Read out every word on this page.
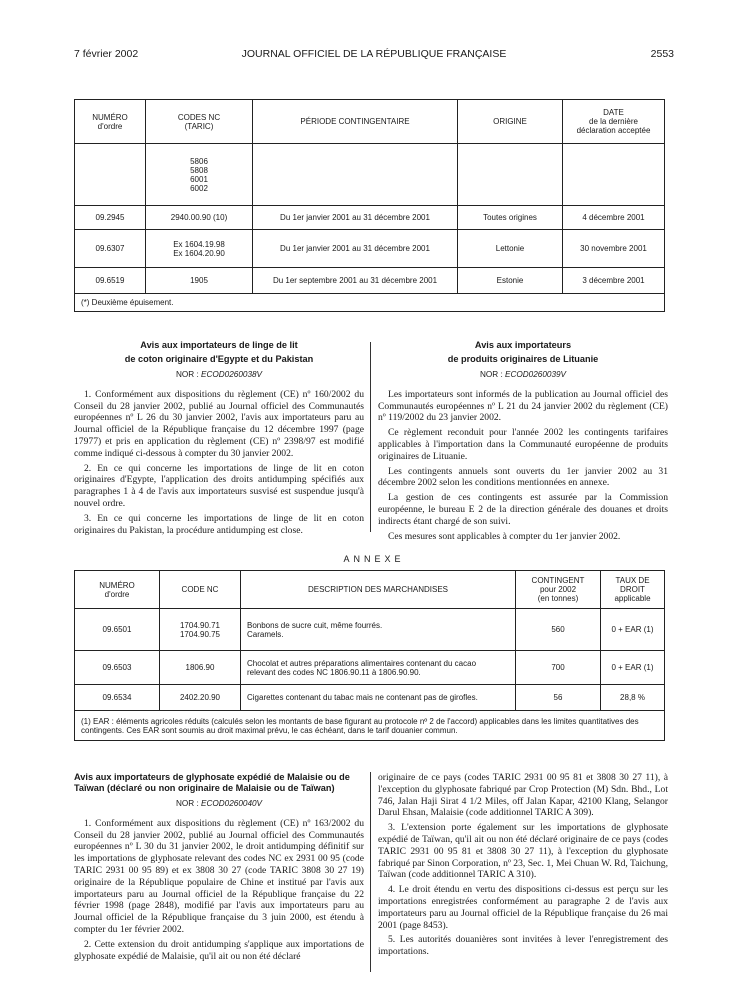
7 février 2002	JOURNAL OFFICIEL DE LA RÉPUBLIQUE FRANÇAISE	2553
NUMÉRO
d'ordre	CODES NC
(TARIC)	PÉRIODE CONTINGENTAIRE	ORIGINE	DATE
de la dernière
déclaration acceptée
	5806
5808
6001
6002			
09.2945	2940.00.90 (10)	Du 1er janvier 2001 au 31 décembre 2001	Toutes origines	4 décembre 2001
09.6307	Ex 1604.19.98
Ex 1604.20.90	Du 1er janvier 2001 au 31 décembre 2001	Lettonie	30 novembre 2001
09.6519	1905	Du 1er septembre 2001 au 31 décembre 2001	Estonie	3 décembre 2001
(*) Deuxième épuisement.				

Avis aux importateurs de linge de lit

de coton originaire d'Egypte et du Pakistan

NOR : ECOD0260038V

1. Conformément aux dispositions du règlement (CE) nº 160/2002 du Conseil du 28 janvier 2002, publié au Journal officiel des Communautés européennes nº L 26 du 30 janvier 2002, l'avis aux importateurs paru au Journal officiel de la République française du 12 décembre 1997 (page 17977) et pris en application du règlement (CE) nº 2398/97 est modifié comme indiqué ci-dessous à compter du 30 janvier 2002.

2. En ce qui concerne les importations de linge de lit en coton originaires d'Egypte, l'application des droits antidumping spécifiés aux paragraphes 1 à 4 de l'avis aux importateurs susvisé est suspendue jusqu'à nouvel ordre.

3. En ce qui concerne les importations de linge de lit en coton originaires du Pakistan, la procédure antidumping est close.

Avis aux importateurs

de produits originaires de Lituanie

NOR : ECOD0260039V

Les importateurs sont informés de la publication au Journal officiel des Communautés européennes nº L 21 du 24 janvier 2002 du règlement (CE) nº 119/2002 du 23 janvier 2002.

Ce règlement reconduit pour l'année 2002 les contingents tarifaires applicables à l'importation dans la Communauté européenne de produits originaires de Lituanie.

Les contingents annuels sont ouverts du 1er janvier 2002 au 31 décembre 2002 selon les conditions mentionnées en annexe.

La gestion de ces contingents est assurée par la Commission européenne, le bureau E 2 de la direction générale des douanes et droits indirects étant chargé de son suivi.

Ces mesures sont applicables à compter du 1er janvier 2002.

ANNEXE
NUMÉRO
d'ordre	CODE NC	DESCRIPTION DES MARCHANDISES	CONTINGENT
pour 2002
(en tonnes)	TAUX DE DROIT
applicable
09.6501	1704.90.71
1704.90.75	Bonbons de sucre cuit, même fourrés.
Caramels.	560	0 + EAR (1)
09.6503	1806.90	Chocolat et autres préparations alimentaires contenant du cacao
relevant des codes NC 1806.90.11 à 1806.90.90.	700	0 + EAR (1)
09.6534	2402.20.90	Cigarettes contenant du tabac mais ne contenant pas de girofles.	56	28,8 %
(1) EAR : éléments agricoles réduits (calculés selon les montants de base figurant au protocole nº 2 de l'accord) applicables dans les limites quantitatives des contingents. Ces EAR sont soumis au droit maximal prévu, le cas échéant, dans le tarif douanier commun.				

Avis aux importateurs de glyphosate expédié de Malaisie ou de Taïwan (déclaré ou non originaire de Malaisie ou de Taïwan)

NOR : ECOD0260040V

1. Conformément aux dispositions du règlement (CE) nº 163/2002 du Conseil du 28 janvier 2002, publié au Journal officiel des Communautés européennes nº L 30 du 31 janvier 2002, le droit antidumping définitif sur les importations de glyphosate relevant des codes NC ex 2931 00 95 (code TARIC 2931 00 95 89) et ex 3808 30 27 (code TARIC 3808 30 27 19) originaire de la République populaire de Chine et institué par l'avis aux importateurs paru au Journal officiel de la République française du 22 février 1998 (page 2848), modifié par l'avis aux importateurs paru au Journal officiel de la République française du 3 juin 2000, est étendu à compter du 1er février 2002.

2. Cette extension du droit antidumping s'applique aux importations de glyphosate expédié de Malaisie, qu'il ait ou non été déclaré

originaire de ce pays (codes TARIC 2931 00 95 81 et 3808 30 27 11), à l'exception du glyphosate fabriqué par Crop Protection (M) Sdn. Bhd., Lot 746, Jalan Haji Sirat 4 1/2 Miles, off Jalan Kapar, 42100 Klang, Selangor Darul Ehsan, Malaisie (code additionnel TARIC A 309).

3. L'extension porte également sur les importations de glyphosate expédié de Taïwan, qu'il ait ou non été déclaré originaire de ce pays (codes TARIC 2931 00 95 81 et 3808 30 27 11), à l'exception du glyphosate fabriqué par Sinon Corporation, nº 23, Sec. 1, Mei Chuan W. Rd, Taichung, Taïwan (code additionnel TARIC A 310).

4. Le droit étendu en vertu des dispositions ci-dessus est perçu sur les importations enregistrées conformément au paragraphe 2 de l'avis aux importateurs paru au Journal officiel de la République française du 26 mai 2001 (page 8453).

5. Les autorités douanières sont invitées à lever l'enregistrement des importations.
